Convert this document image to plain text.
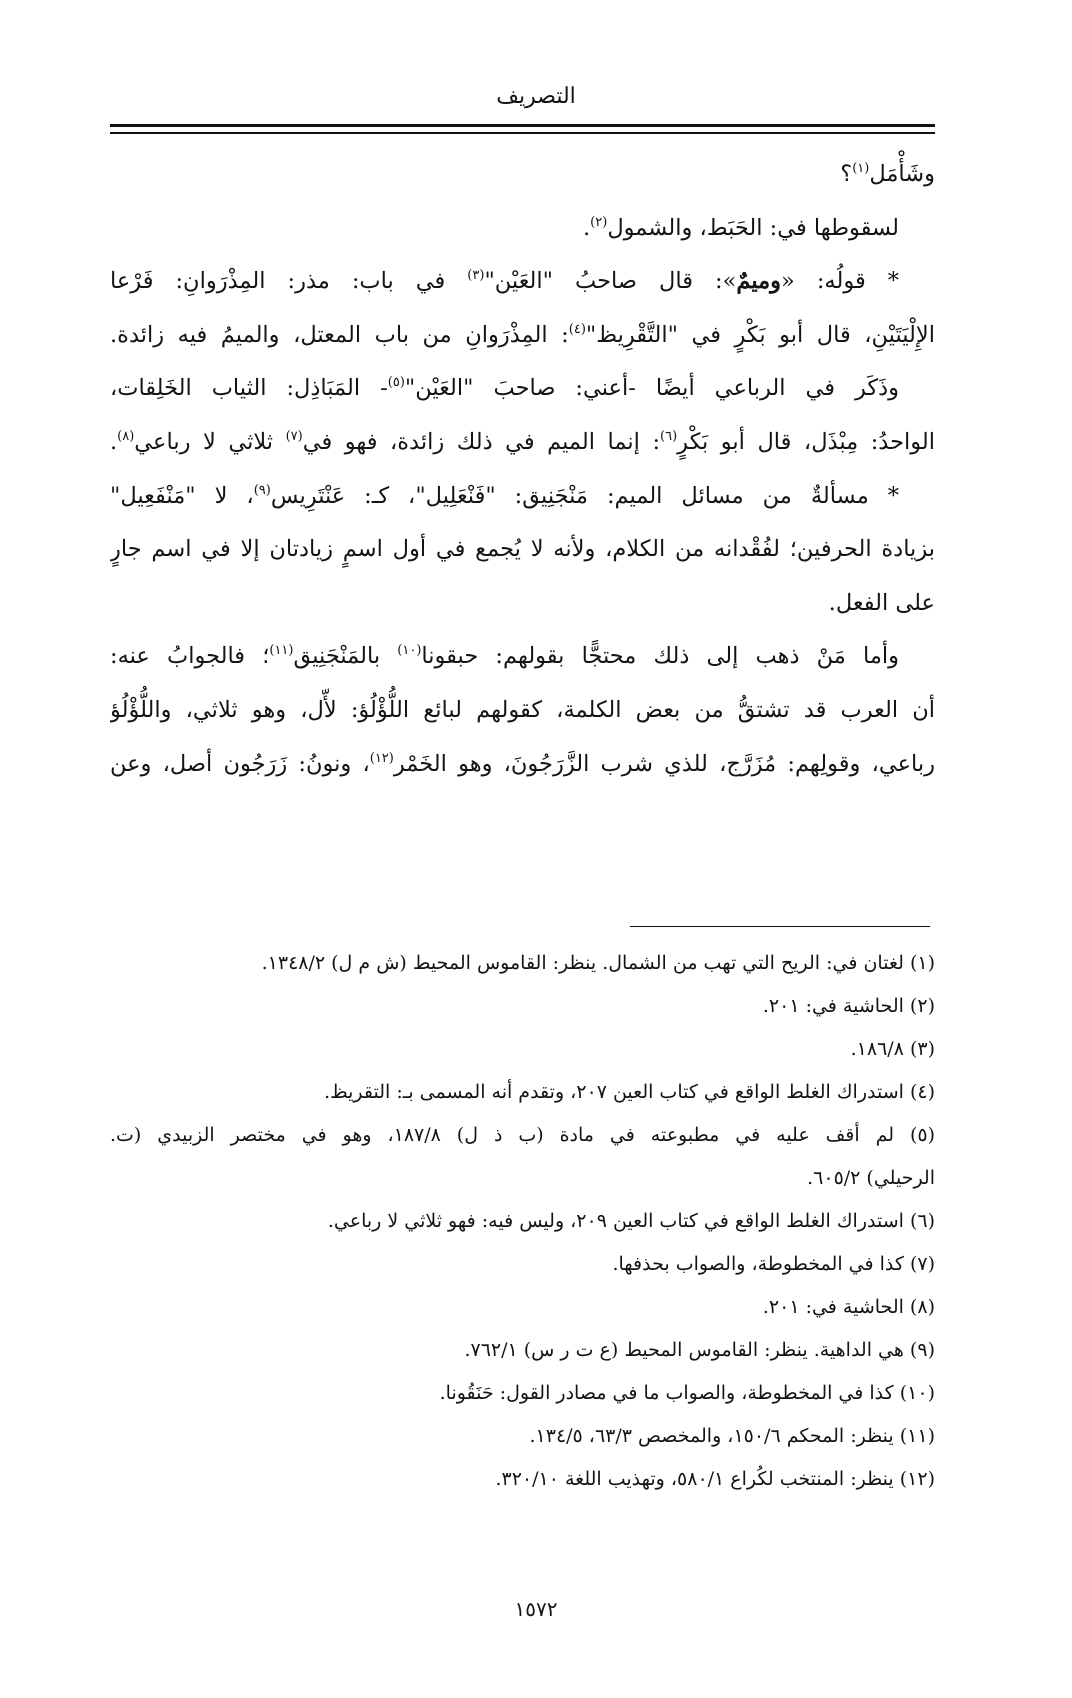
التصريف
وشَأْمَل$^{(١)}$؟
لسقوطها في: الحَبَط، والشمول$^{(٢)}$.
* قولُه: «وميمٌ»: قال صاحبُ "العَيْن"$^{(٣)}$ في باب: مذر: المِذْرَوانِ: فَرْعا
الإِلْيَتَيْنِ، قال أبو بَكْرٍ في "التَّقْرِيظ"$^{(٤)}$: المِذْرَوانِ من باب المعتل، والميمُ فيه زائدة.
وذَكَر في الرباعي أيضًا -أعني: صاحبَ "العَيْن"$^{(٥)}$- المَبَاذِل: الثياب الخَلِقات،
الواحدُ: مِبْذَل، قال أبو بَكْرٍ$^{(٦)}$: إنما الميم في ذلك زائدة، فهو في$^{(٧)}$ ثلاثي لا رباعي$^{(٨)}$.
* مسألةٌ من مسائل الميم: مَنْجَنِيق: "فَنْعَلِيل"، كـ: عَنْتَرِيس$^{(٩)}$، لا "مَنْفَعِيل"
بزيادة الحرفين؛ لفُقْدانه من الكلام، ولأنه لا يُجمع في أول اسمٍ زيادتان إلا في اسم جارٍ
على الفعل.
وأما مَنْ ذهب إلى ذلك محتجًّا بقولهم: حبقونا$^{(١٠)}$ بالمَنْجَنِيق$^{(١١)}$؛ فالجوابُ عنه:
أن العرب قد تشتقُّ من بعض الكلمة، كقولهم لبائع اللُّؤْلُؤ: لأّل، وهو ثلاثي، واللُّؤْلُؤ
رباعي، وقولِهم: مُزَرَّج، للذي شرب الزَّرَجُونَ، وهو الخَمْر$^{(١٢)}$، ونونُ: زَرَجُون أصل، وعن
(١) لغتان في: الريح التي تهب من الشمال. ينظر: القاموس المحيط (ش م ل) ١٣٤٨/٢.
(٢) الحاشية في: ٢٠١.
(٣) ١٨٦/٨.
(٤) استدراك الغلط الواقع في كتاب العين ٢٠٧، وتقدم أنه المسمى بـ: التقريظ.
(٥) لم أقف عليه في مطبوعته في مادة (ب ذ ل) ١٨٧/٨، وهو في مختصر الزبيدي (ت.
الرحيلي) ٦٠٥/٢.
(٦) استدراك الغلط الواقع في كتاب العين ٢٠٩، وليس فيه: فهو ثلاثي لا رباعي.
(٧) كذا في المخطوطة، والصواب بحذفها.
(٨) الحاشية في: ٢٠١.
(٩) هي الداهية. ينظر: القاموس المحيط (ع ت ر س) ٧٦٢/١.
(١٠) كذا في المخطوطة، والصواب ما في مصادر القول: حَنَقُونا.
(١١) ينظر: المحكم ١٥٠/٦، والمخصص ٦٣/٣، ١٣٤/٥.
(١٢) ينظر: المنتخب لكُراع ٥٨٠/١، وتهذيب اللغة ٣٢٠/١٠.
١٥٧٢
